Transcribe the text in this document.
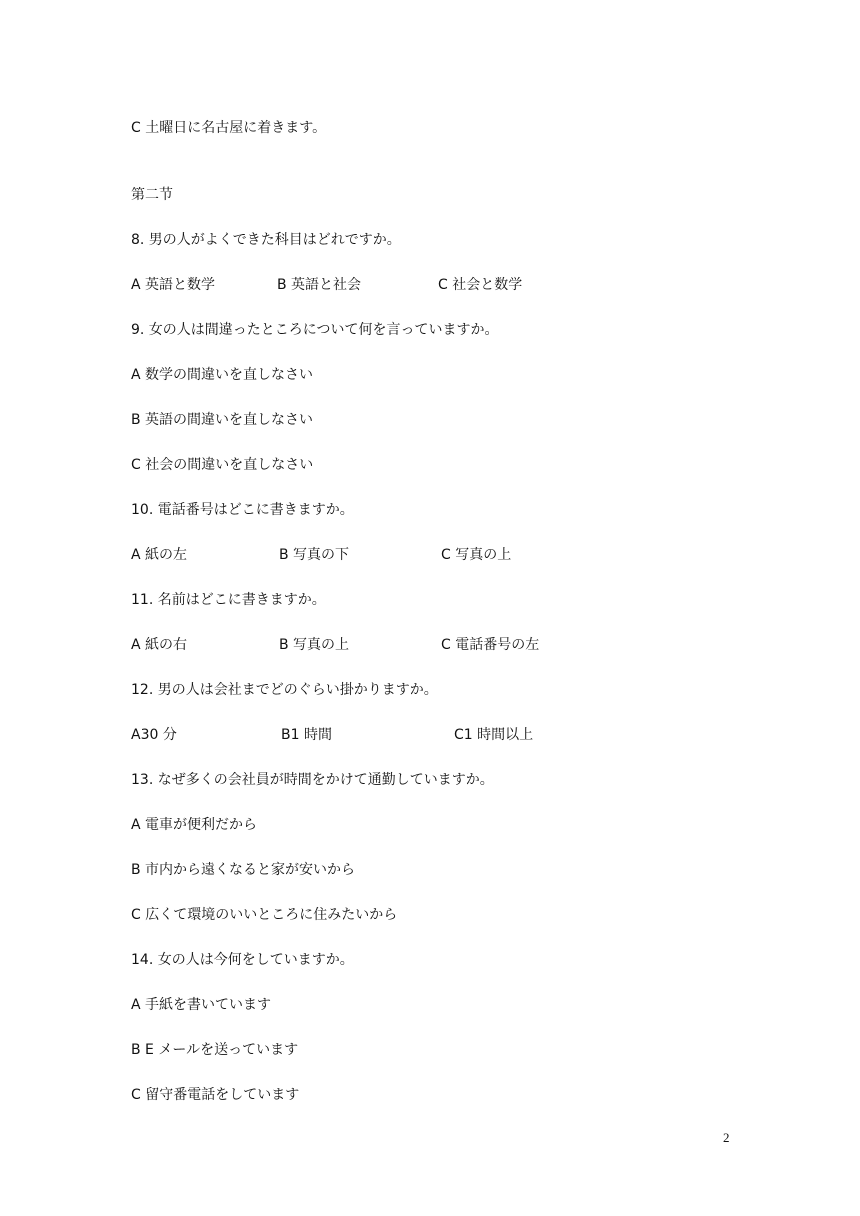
C 土曜日に名古屋に着きます。
第二节
8. 男の人がよくできた科目はどれですか。
A 英語と数学	B 英語と社会	C 社会と数学
9. 女の人は間違ったところについて何を言っていますか。
A 数学の間違いを直しなさい
B 英語の間違いを直しなさい
C 社会の間違いを直しなさい
10. 電話番号はどこに書きますか。
A 紙の左	B 写真の下	C 写真の上
11. 名前はどこに書きますか。
A 紙の右	B 写真の上	C 電話番号の左
12. 男の人は会社までどのぐらい掛かりますか。
A30 分	B1 時間	C1 時間以上
13. なぜ多くの会社員が時間をかけて通勤していますか。
A 電車が便利だから
B 市内から遠くなると家が安いから
C 広くて環境のいいところに住みたいから
14. 女の人は今何をしていますか。
A 手紙を書いています
B E メールを送っています
C 留守番電話をしています
2
